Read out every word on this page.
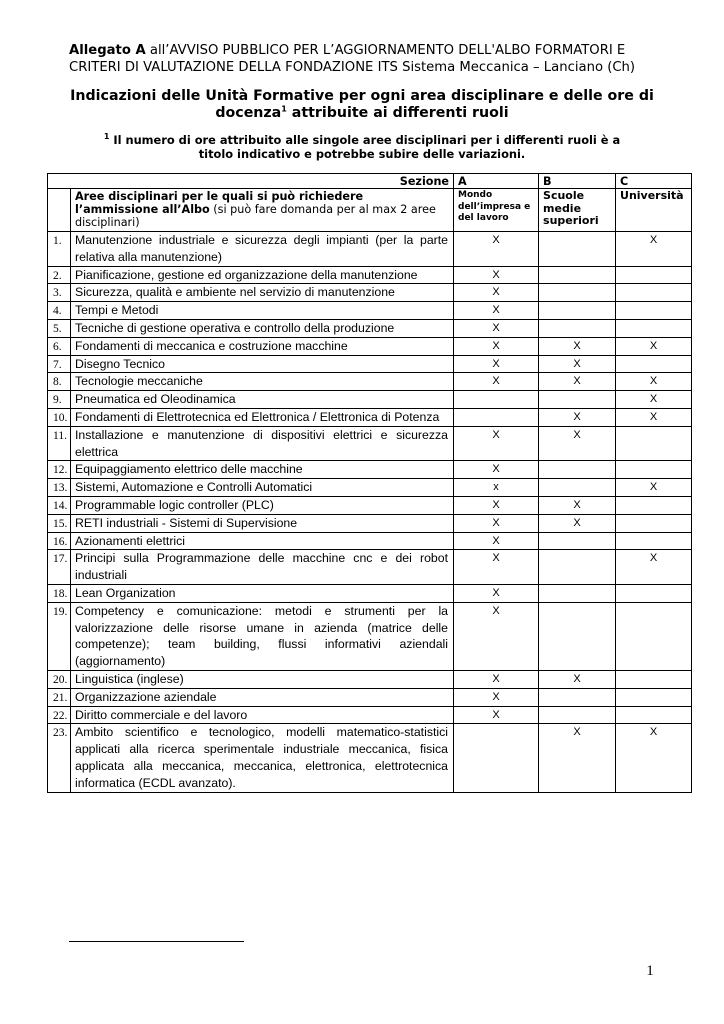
Allegato A all’AVVISO PUBBLICO PER L’AGGIORNAMENTO DELL'ALBO FORMATORI E CRITERI DI VALUTAZIONE DELLA FONDAZIONE ITS Sistema Meccanica – Lanciano (Ch)
Indicazioni delle Unità Formative per ogni area disciplinare e delle ore di docenza$^1$ attribuite ai differenti ruoli
$^1$ Il numero di ore attribuito alle singole aree disciplinari per i differenti ruoli è a titolo indicativo e potrebbe subire delle variazioni.
Sezione		A	B	C
	Aree disciplinari per le quali si può richiedere l’ammissione all’Albo (si può fare domanda per al max 2 aree disciplinari)	Mondo dell’impresa e del lavoro	Scuole medie superiori	Università
1.	Manutenzione industriale e sicurezza degli impianti (per la parte relativa alla manutenzione)	X		X
2.	Pianificazione, gestione ed organizzazione della manutenzione	X		
3.	Sicurezza, qualità e ambiente nel servizio di manutenzione	X		
4.	Tempi e Metodi	X		
5.	Tecniche di gestione operativa e controllo della produzione	X		
6.	Fondamenti di meccanica e costruzione macchine	X	X	X
7.	Disegno Tecnico	X	X	
8.	Tecnologie meccaniche	X	X	X
9.	Pneumatica ed Oleodinamica			X
10.	Fondamenti di Elettrotecnica ed Elettronica / Elettronica di Potenza		X	X
11.	Installazione e manutenzione di dispositivi elettrici e sicurezza elettrica	X	X	
12.	Equipaggiamento elettrico delle macchine	X		
13.	Sistemi, Automazione e Controlli Automatici	x		X
14.	Programmable logic controller (PLC)	X	X	
15.	RETI industriali - Sistemi di Supervisione	X	X	
16.	Azionamenti elettrici	X		
17.	Principi sulla Programmazione delle macchine cnc e dei robot industriali	X		X
18.	Lean Organization	X		
19.	Competency e comunicazione: metodi e strumenti per la valorizzazione delle risorse umane in azienda (matrice delle competenze); team building, flussi informativi aziendali (aggiornamento)	X		
20.	Linguistica (inglese)	X	X	
21.	Organizzazione aziendale	X		
22.	Diritto commerciale e del lavoro	X		
23.	Ambito scientifico e tecnologico, modelli matematico-statistici applicati alla ricerca sperimentale industriale meccanica, fisica applicata alla meccanica, meccanica, elettronica, elettrotecnica informatica (ECDL avanzato).		X	X
1
